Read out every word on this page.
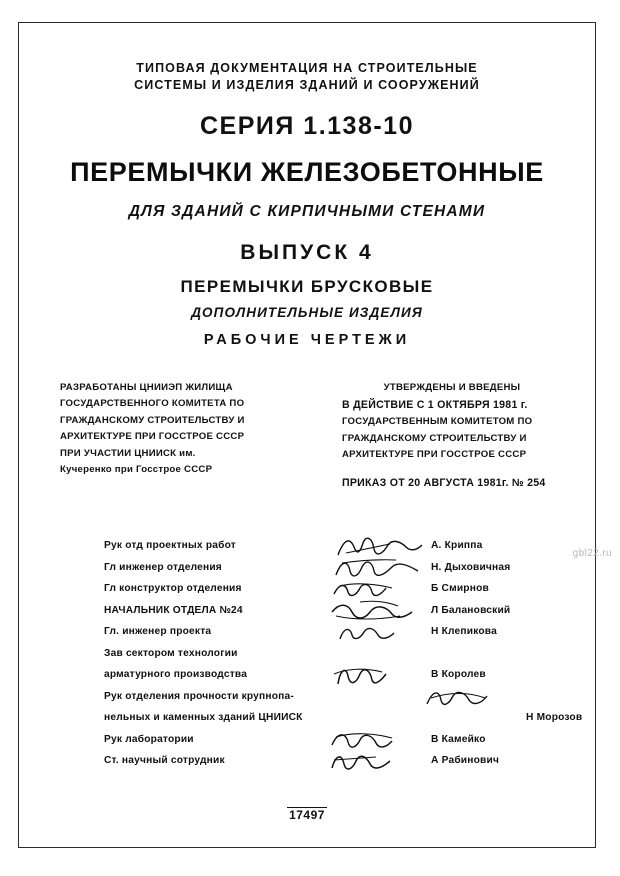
ТИПОВАЯ ДОКУМЕНТАЦИЯ НА СТРОИТЕЛЬНЫЕ
СИСТЕМЫ И ИЗДЕЛИЯ ЗДАНИЙ И СООРУЖЕНИЙ
СЕРИЯ 1.138-10
ПЕРЕМЫЧКИ ЖЕЛЕЗОБЕТОННЫЕ
ДЛЯ ЗДАНИЙ С КИРПИЧНЫМИ СТЕНАМИ
ВЫПУСК 4
ПЕРЕМЫЧКИ БРУСКОВЫЕ
ДОПОЛНИТЕЛЬНЫЕ ИЗДЕЛИЯ
РАБОЧИЕ ЧЕРТЕЖИ
РАЗРАБОТАНЫ ЦНИИЭП ЖИЛИЩА
ГОСУДАРСТВЕННОГО КОМИТЕТА ПО
ГРАЖДАНСКОМУ СТРОИТЕЛЬСТВУ И
АРХИТЕКТУРЕ ПРИ ГОССТРОЕ СССР
ПРИ УЧАСТИИ ЦНИИСК им.
Кучеренко при Госстрое СССР
УТВЕРЖДЕНЫ И ВВЕДЕНЫ
В ДЕЙСТВИЕ С 1 ОКТЯБРЯ 1981 г.
ГОСУДАРСТВЕННЫМ КОМИТЕТОМ ПО
ГРАЖДАНСКОМУ СТРОИТЕЛЬСТВУ И
АРХИТЕКТУРЕ ПРИ ГОССТРОЕ СССР
ПРИКАЗ ОТ 20 АВГУСТА 1981г. № 254
Рук отд проектных работ	А. Криппа
Гл инженер отделения	Н. Дыховичная
Гл конструктор отделения	Б Смирнов
НАЧАЛЬНИК ОТДЕЛА №24	Л Балановский
Гл. инженер проекта	Н Клепикова
Зав сектором технологии
арматурного производства	В Королев
Рук отделения прочности крупнопа-
нельных и каменных зданий ЦНИИСК	Н Морозов
Рук лаборатории	В Камейко
Ст. научный сотрудник	А Рабинович
17497
gbl22.ru
